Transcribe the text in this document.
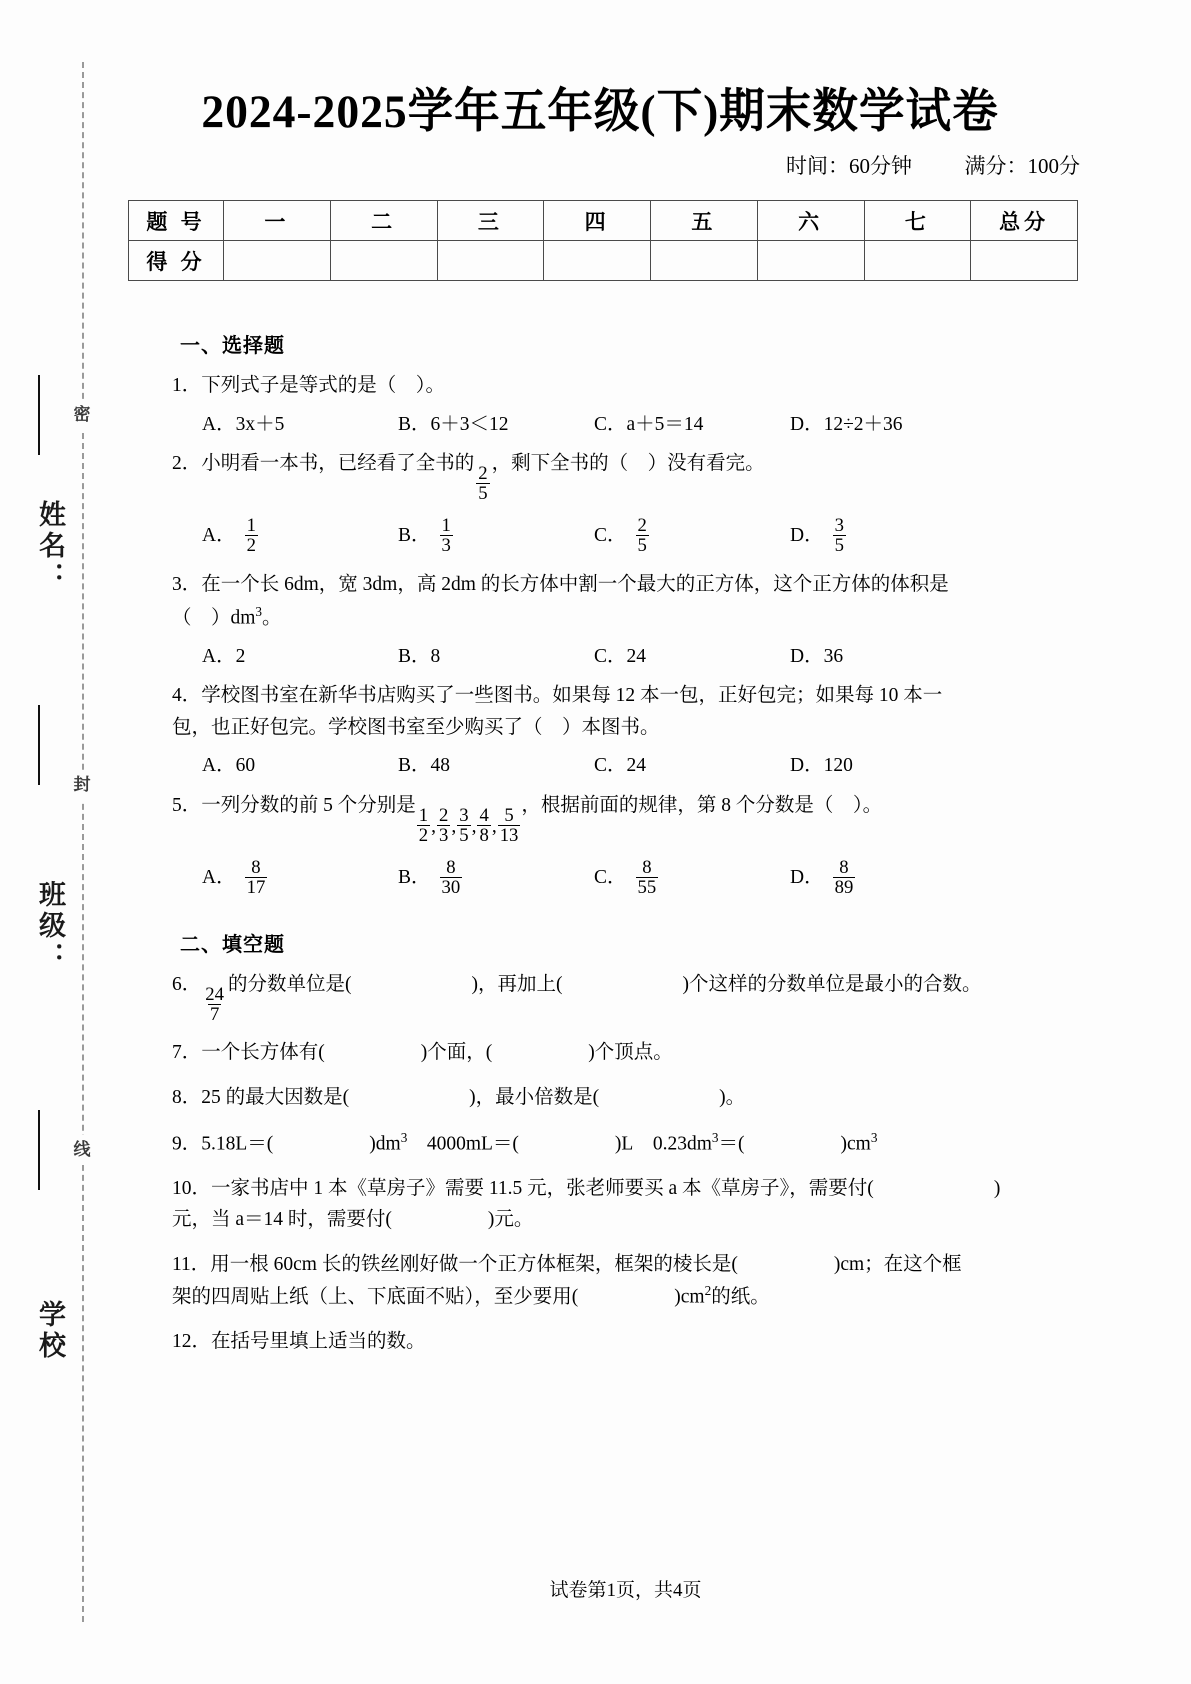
密
封
线
姓名：
班级：
学校
2024-2025学年五年级(下)期末数学试卷
时间：60分钟	满分：100分
题 号	一	二	三	四	五	六	七	总分
得 分								
一、选择题
1．下列式子是等式的是（　）。
A．3x＋5	B．6＋3＜12	C．a＋5＝14	D．12÷2＋36
2．小明看一本书，已经看了全书的
$\frac{2}{5}$
，剩下全书的（　）没有看完。
A． $\frac{1}{2}$	B． $\frac{1}{3}$	C． $\frac{2}{5}$	D． $\frac{3}{5}$
3．在一个长 6dm，宽 3dm，高 2dm 的长方体中割一个最大的正方体，这个正方体的体积是
（　）$dm^3$。
A．2	B．8	C．24	D．36
4．学校图书室在新华书店购买了一些图书。如果每 12 本一包，正好包完；如果每 10 本一
包，也正好包完。学校图书室至少购买了（　）本图书。
A．60	B．48	C．24	D．120
5．一列分数的前 5 个分别是
$\frac{1}{2}$ , $\frac{2}{3}$ , $\frac{3}{5}$ , $\frac{4}{8}$ , $\frac{5}{13}$
，根据前面的规律，第 8 个分数是（　）。
A． $\frac{8}{17}$	B． $\frac{8}{30}$	C． $\frac{8}{55}$	D． $\frac{8}{89}$
二、填空题
6．
$\frac{24}{7}$
的分数单位是(	)，再加上(	)个这样的分数单位是最小的合数。
7．一个长方体有(	)个面，(	)个顶点。
8．25 的最大因数是(	)，最小倍数是(	)。
9．5.18L＝(	)$dm^3$ 4000mL＝(	)L $0.23dm^3=$(	)$cm^3$
10．一家书店中 1 本《草房子》需要 11.5 元，张老师要买 a 本《草房子》，需要付(	)
元，当 a＝14 时，需要付(	)元。
11．用一根 60cm 长的铁丝刚好做一个正方体框架，框架的棱长是(	)cm；在这个框
架的四周贴上纸（上、下底面不贴），至少要用(	)$cm^2$的纸。
12．在括号里填上适当的数。
试卷第1页，共4页
